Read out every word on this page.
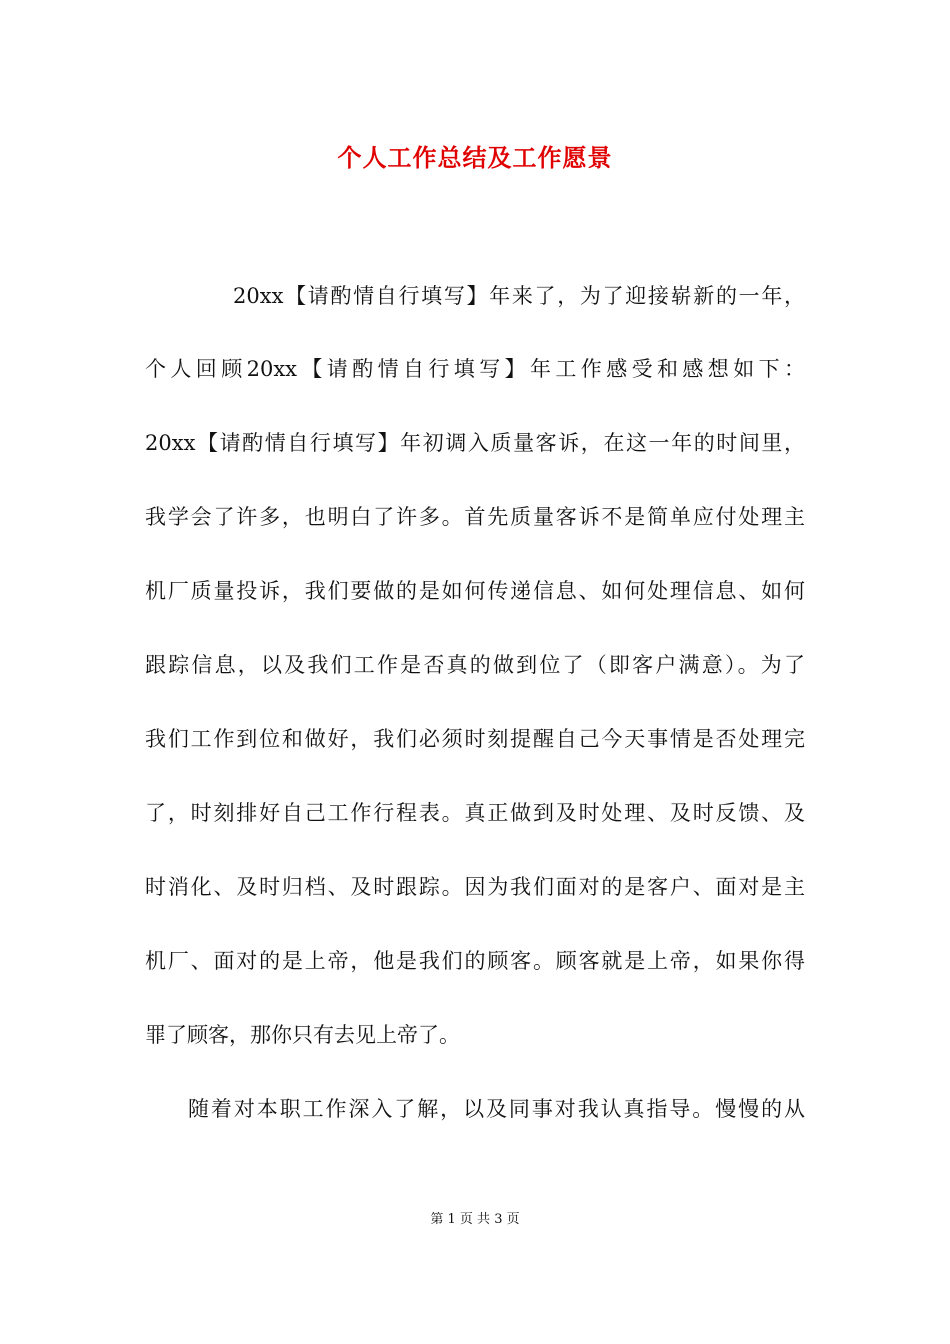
个人工作总结及工作愿景

20xx【请酌情自行填写】年来了，为了迎接崭新的一年，

个人回顾20xx【请酌情自行填写】年工作感受和感想如下：

20xx【请酌情自行填写】年初调入质量客诉，在这一年的时间里，

我学会了许多，也明白了许多。首先质量客诉不是简单应付处理主

机厂质量投诉，我们要做的是如何传递信息、如何处理信息、如何

跟踪信息，以及我们工作是否真的做到位了（即客户满意）。为了

我们工作到位和做好，我们必须时刻提醒自己今天事情是否处理完

了，时刻排好自己工作行程表。真正做到及时处理、及时反馈、及

时消化、及时归档、及时跟踪。因为我们面对的是客户、面对是主

机厂、面对的是上帝，他是我们的顾客。顾客就是上帝，如果你得

罪了顾客，那你只有去见上帝了。

随着对本职工作深入了解，以及同事对我认真指导。慢慢的从

第 1 页 共 3 页
